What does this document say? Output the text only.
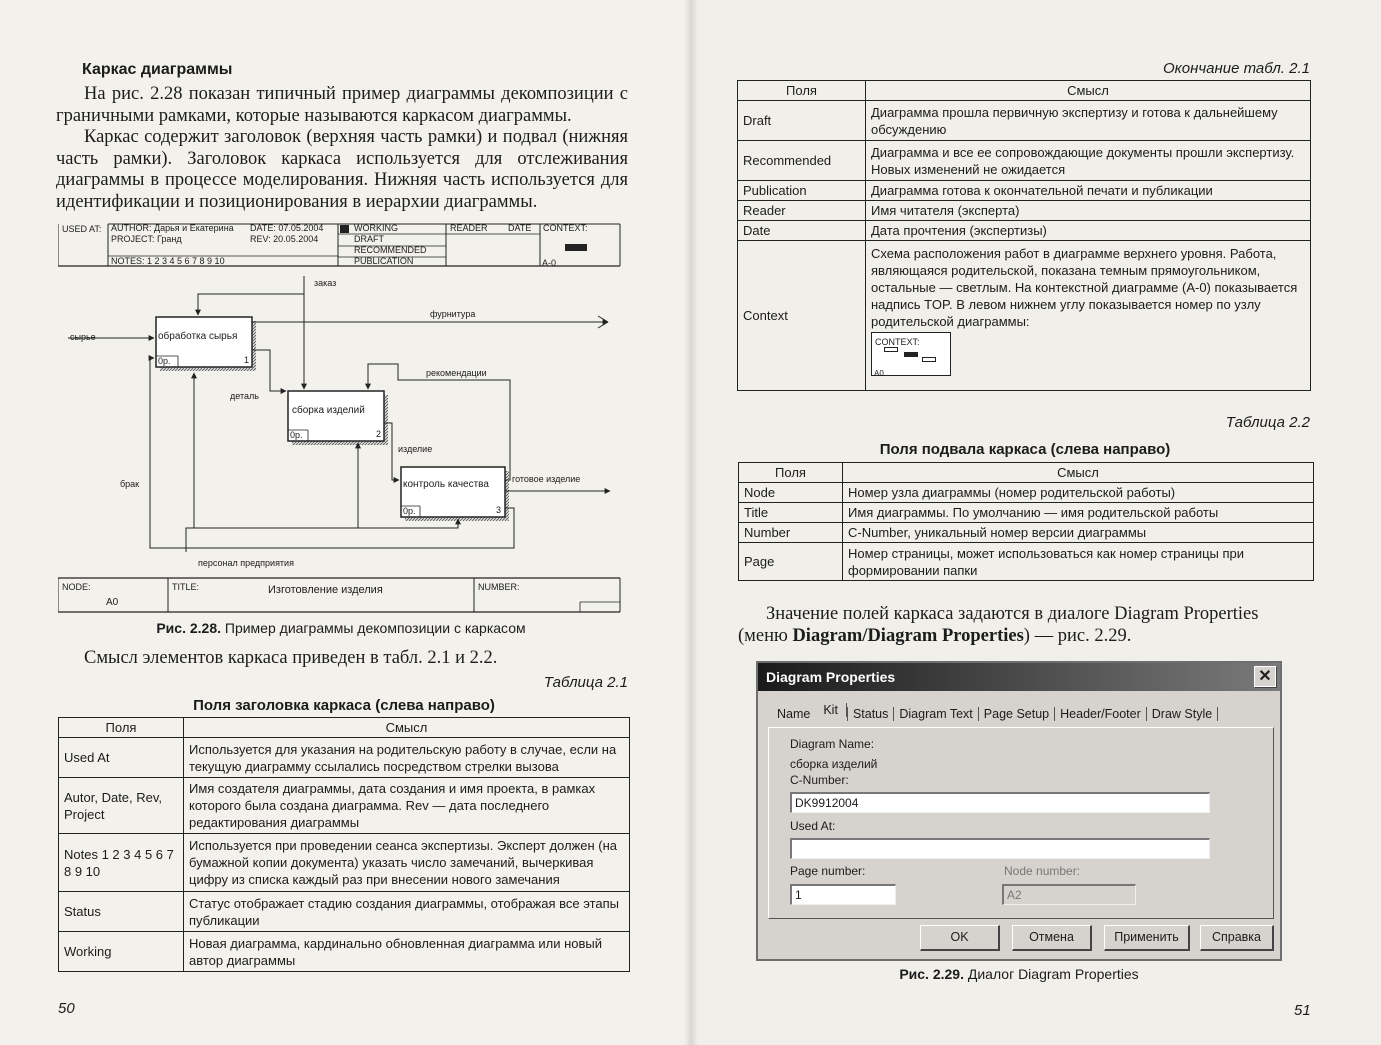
Каркас диаграммы

На рис. 2.28 показан типичный пример диаграммы декомпозиции с граничными рамками, которые называются каркасом диаграммы.

Каркас содержит заголовок (верхняя часть рамки) и подвал (нижняя часть рамки). Заголовок каркаса используется для отслеживания диаграммы в процессе моделирования. Нижняя часть используется для идентификации и позиционирования в иерархии диаграммы.

USED AT: AUTHOR: Дарья и Екатерина
PROJECT: Гранд
DATE: 07.05.2004
REV: 20.05.2004
NOTES: 1 2 3 4 5 6 7 8 9 10
WORKING
DRAFT
RECOMMENDED
PUBLICATION
READER DATE CONTEXT:
A-0
обработка сырья
0р.	1
сборка изделий
0р.	2
контроль качества
0р.	3
заказ
фурнитура
сырье
рекомендации
деталь
изделие
брак	готовое изделие
персонал предприятия
NODE:
A0
TITLE:	Изготовление изделия	NUMBER:
Рис. 2.28. Пример диаграммы декомпозиции с каркасом
Смысл элементов каркаса приведен в табл. 2.1 и 2.2.
Таблица 2.1
Поля заголовка каркаса (слева направо)
Поля	Смысл
Used At	Используется для указания на родительскую работу в случае, если на текущую диаграмму ссылались посредством стрелки вызова
Autor, Date, Rev, Project	Имя создателя диаграммы, дата создания и имя проекта, в рамках которого была создана диаграмма. Rev — дата последнего редактирования диаграммы
Notes 1 2 3 4 5 6 7 8 9 10	Используется при проведении сеанса экспертизы. Эксперт должен (на бумажной копии документа) указать число замечаний, вычеркивая цифру из списка каждый раз при внесении нового замечания
Status	Статус отображает стадию создания диаграммы, отображая все этапы публикации
Working	Новая диаграмма, кардинально обновленная диаграмма или новый автор диаграммы
50
Окончание табл. 2.1
Поля	Смысл
Draft	Диаграмма прошла первичную экспертизу и готова к дальнейшему обсуждению
Recommended	Диаграмма и все ее сопровождающие документы прошли экспертизу. Новых изменений не ожидается
Publication	Диаграмма готова к окончательной печати и публикации
Reader	Имя читателя (эксперта)
Date	Дата прочтения (экспертизы)
Context	Схема расположения работ в диаграмме верхнего уровня. Работа, являющаяся родительской, показана темным прямоугольником, остальные — светлым. На контекстной диаграмме (A-0) показывается надпись TOP. В левом нижнем углу показывается номер по узлу родительской диаграммы:
CONTEXT:
A0
Таблица 2.2
Поля подвала каркаса (слева направо)
Поля	Смысл
Node	Номер узла диаграммы (номер родительской работы)
Title	Имя диаграммы. По умолчанию — имя родительской работы
Number	C-Number, уникальный номер версии диаграммы
Page	Номер страницы, может использоваться как номер страницы при формировании папки

Значение полей каркаса задаются в диалоге Diagram Properties

(меню Diagram/Diagram Properties) — рис. 2.29.

Diagram Properties	✕
Name	Kit	Status Diagram Text Page Setup Header/Footer Draw Style
Diagram Name:
сборка изделий
C-Number:
DK9912004
Used At:
Page number:
1
Node number:
A2
OK	Отмена	Применить	Справка
Рис. 2.29. Диалог Diagram Properties
51
